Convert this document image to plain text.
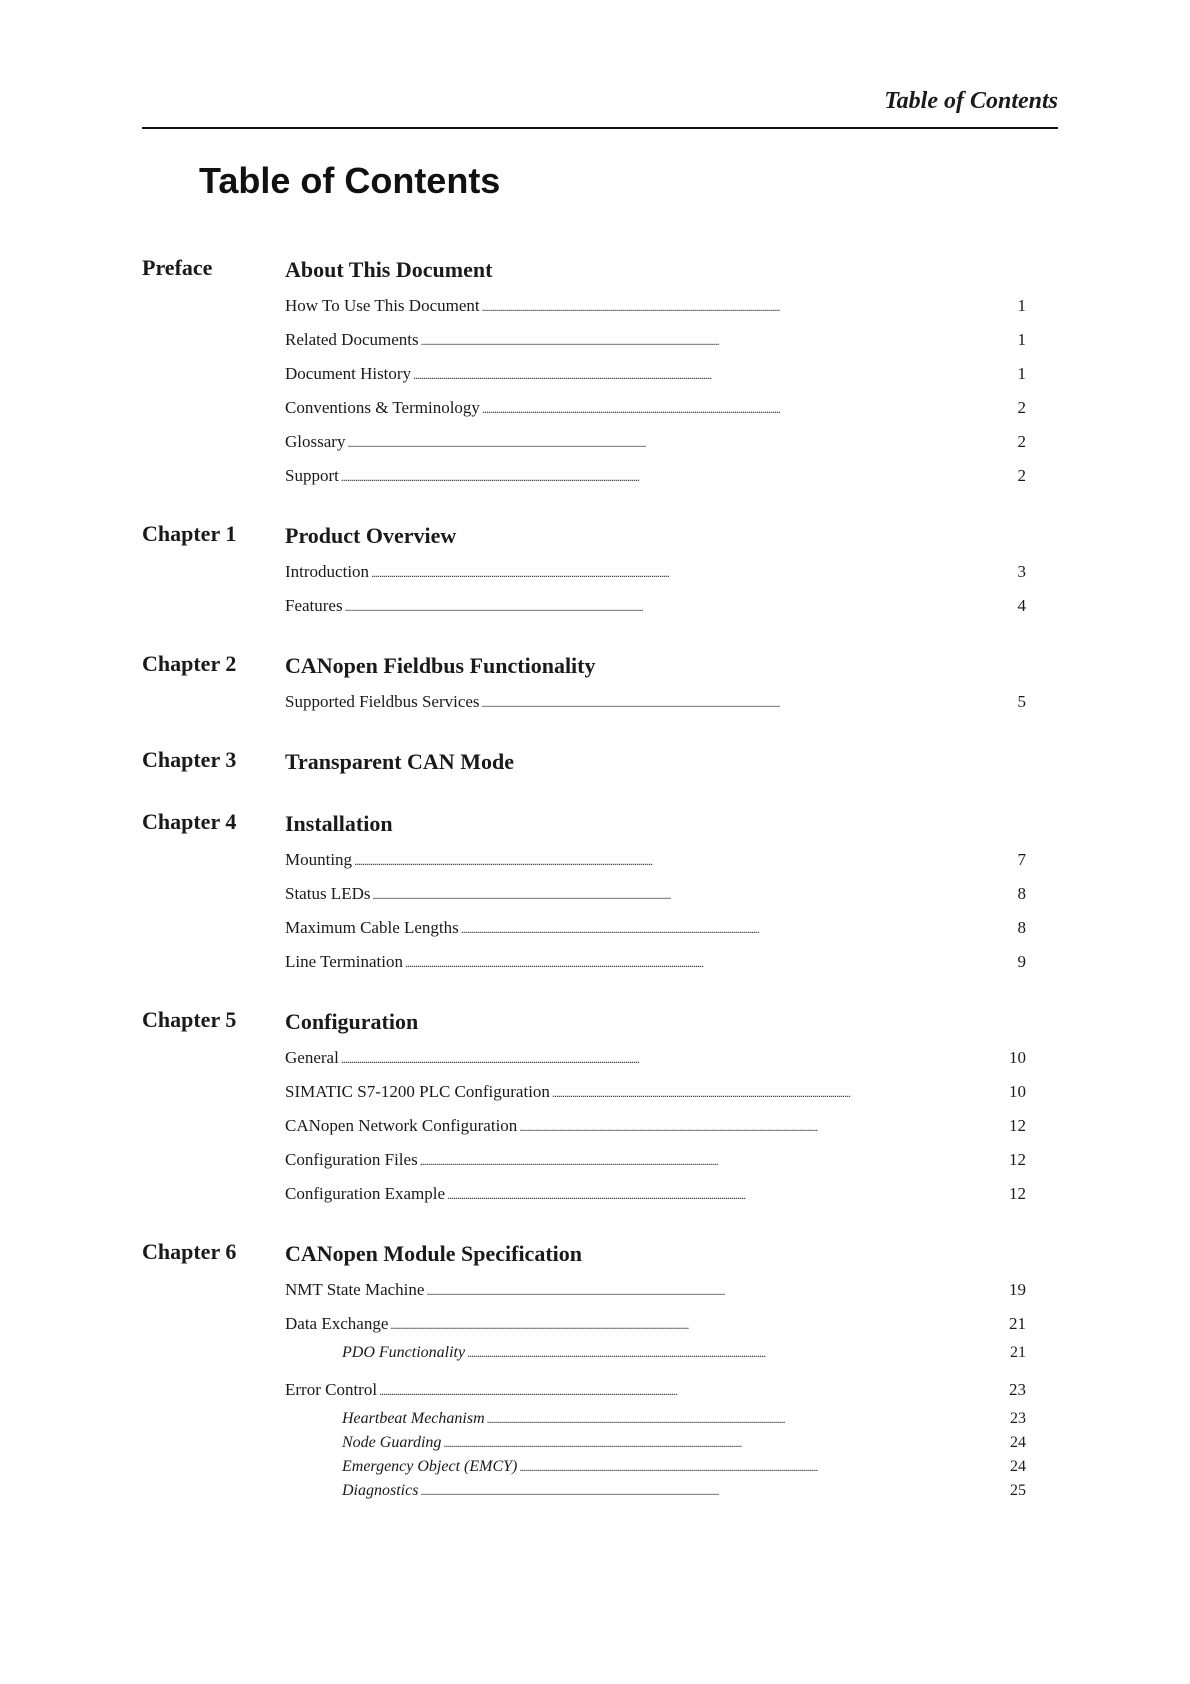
Table of Contents
Table of Contents
Preface	About This Document
How To Use This Document . . .	1
Related Documents . . .	1
Document History . . .	1
Conventions & Terminology . . .	2
Glossary . . .	2
Support . . .	2
Chapter 1 Product Overview
Introduction . . .	3
Features . . .	4
Chapter 2 CANopen Fieldbus Functionality
Supported Fieldbus Services . . .	5
Chapter 3 Transparent CAN Mode
Chapter 4 Installation
Mounting . . .	7
Status LEDs . . .	8
Maximum Cable Lengths . . .	8
Line Termination . . .	9
Chapter 5 Configuration
General . . .	10
SIMATIC S7-1200 PLC Configuration . . .	10
CANopen Network Configuration . . .	12
Configuration Files . . .	12
Configuration Example . . .	12
Chapter 6 CANopen Module Specification
NMT State Machine . . .	19
Data Exchange . . .	21
PDO Functionality . . .	21
Error Control . . .	23
Heartbeat Mechanism . . .	23
Node Guarding . . .	24
Emergency Object (EMCY) . . .	24
Diagnostics . . .	25
